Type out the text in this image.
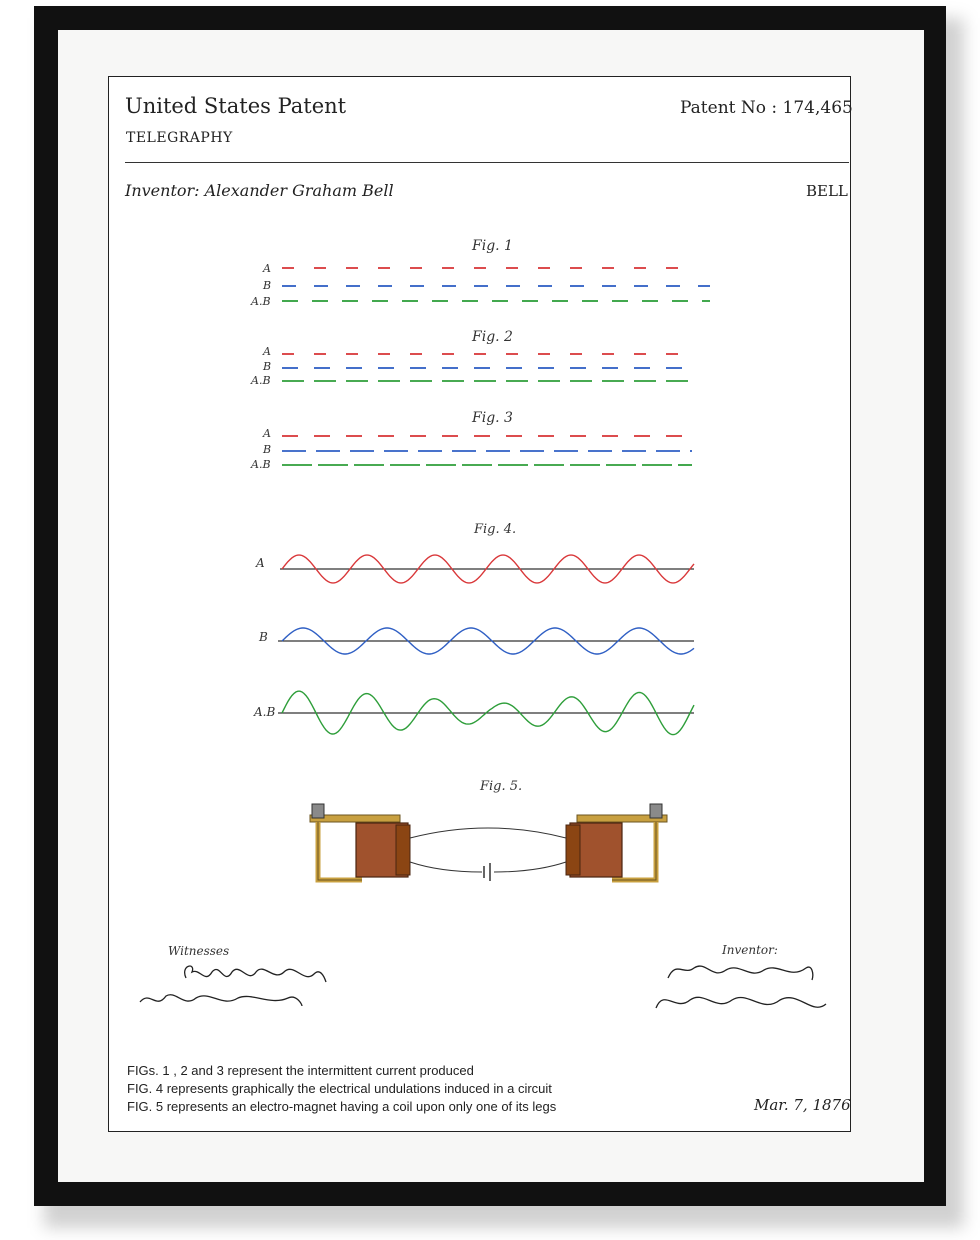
United States Patent
TELEGRAPHY
Patent No : 174,465
Inventor: Alexander Graham Bell	BELL
Fig. 1
Fig. 2
Fig. 3
Fig. 4.
Fig. 5.
A
B
A.B
A
B
A.B
A
B
A.B
A
B
A.B
Witnesses	Inventor:
FIGs. 1 , 2 and 3 represent the intermittent current produced
FIG. 4 represents graphically the electrical undulations induced in a circuit
FIG. 5 represents an electro-magnet having a coil upon only one of its legs	Mar. 7, 1876
